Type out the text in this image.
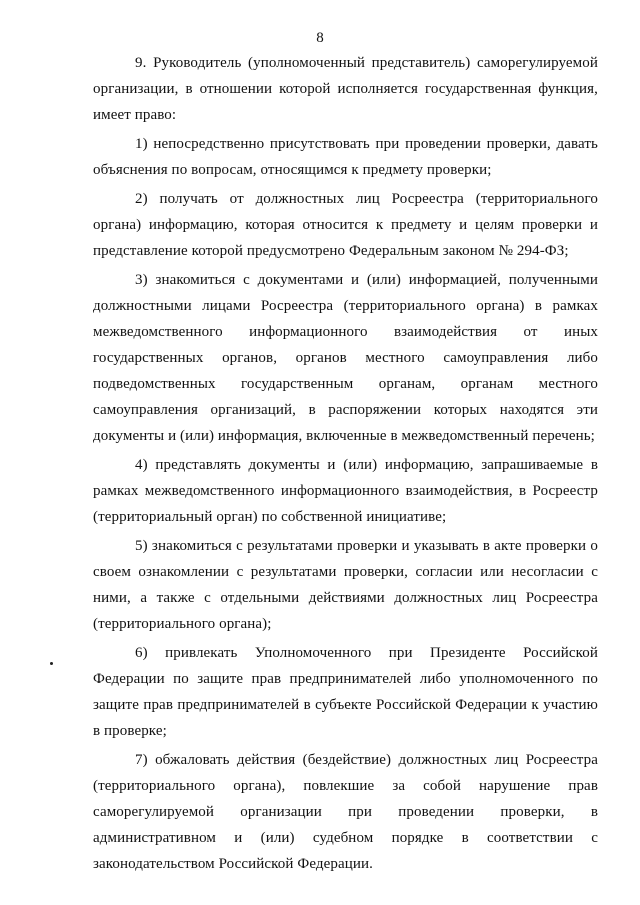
8

9. Руководитель (уполномоченный представитель) саморегулируемой организации, в отношении которой исполняется государственная функция, имеет право:

1) непосредственно присутствовать при проведении проверки, давать объяснения по вопросам, относящимся к предмету проверки;

2) получать от должностных лиц Росреестра (территориального органа) информацию, которая относится к предмету и целям проверки и представление которой предусмотрено Федеральным законом № 294-ФЗ;

3) знакомиться с документами и (или) информацией, полученными должностными лицами Росреестра (территориального органа) в рамках межведомственного информационного взаимодействия от иных государственных органов, органов местного самоуправления либо подведомственных государственным органам, органам местного самоуправления организаций, в распоряжении которых находятся эти документы и (или) информация, включенные в межведомственный перечень;

4) представлять документы и (или) информацию, запрашиваемые в рамках межведомственного информационного взаимодействия, в Росреестр (территориальный орган) по собственной инициативе;

5) знакомиться с результатами проверки и указывать в акте проверки о своем ознакомлении с результатами проверки, согласии или несогласии с ними, а также с отдельными действиями должностных лиц Росреестра (территориального органа);

6) привлекать Уполномоченного при Президенте Российской Федерации по защите прав предпринимателей либо уполномоченного по защите прав предпринимателей в субъекте Российской Федерации к участию в проверке;

7) обжаловать действия (бездействие) должностных лиц Росреестра (территориального органа), повлекшие за собой нарушение прав саморегулируемой организации при проведении проверки, в административном и (или) судебном порядке в соответствии с законодательством Российской Федерации.
